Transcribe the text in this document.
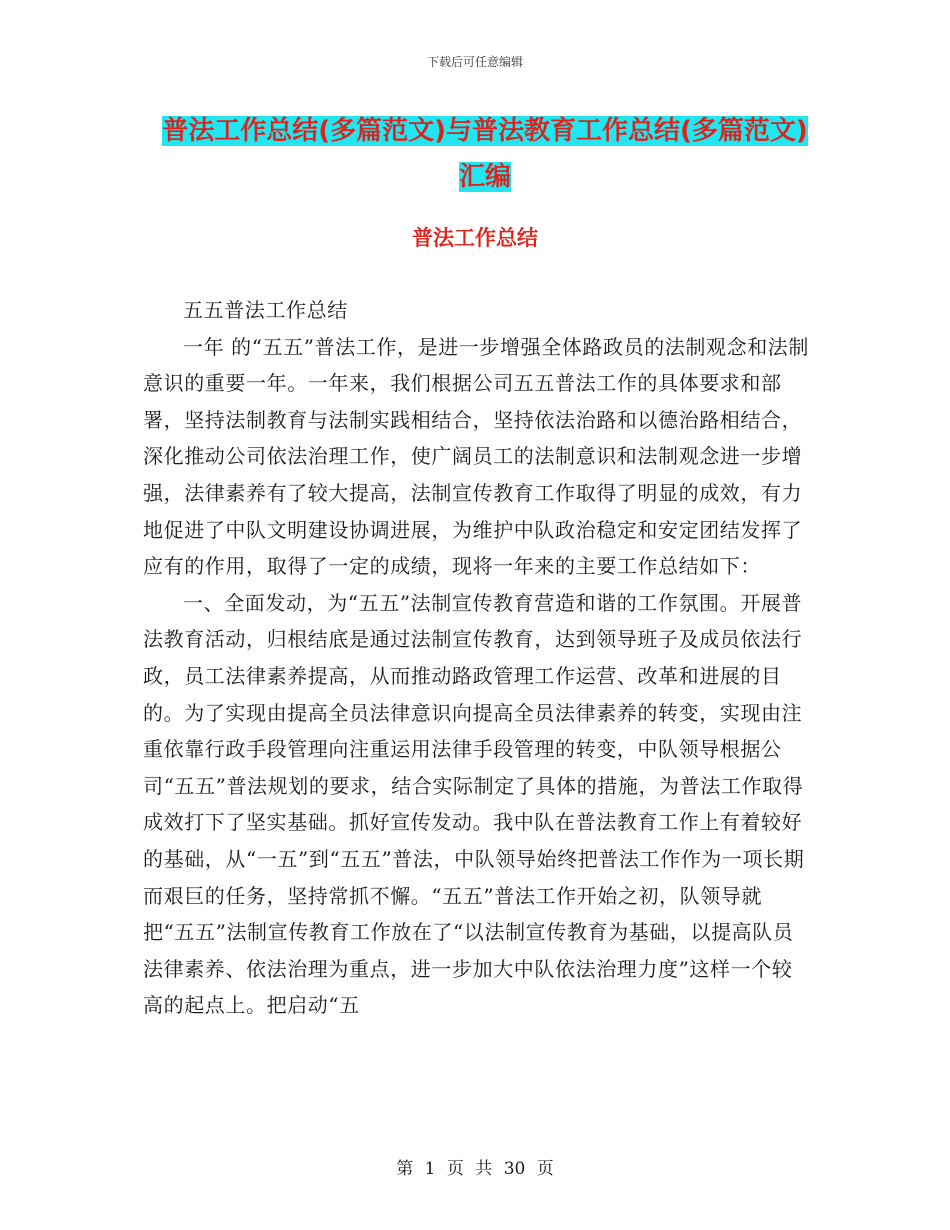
下载后可任意编辑
普法工作总结(多篇范文)与普法教育工作总结(多篇范文)汇编
普法工作总结

五五普法工作总结

一年 的“五五”普法工作，是进一步增强全体路政员的法制观念和法制意识的重要一年。一年来，我们根据公司五五普法工作的具体要求和部署，坚持法制教育与法制实践相结合，坚持依法治路和以德治路相结合，深化推动公司依法治理工作，使广阔员工的法制意识和法制观念进一步增强，法律素养有了较大提高，法制宣传教育工作取得了明显的成效，有力地促进了中队文明建设协调进展，为维护中队政治稳定和安定团结发挥了应有的作用，取得了一定的成绩，现将一年来的主要工作总结如下：

一、全面发动，为“五五”法制宣传教育营造和谐的工作氛围。开展普法教育活动，归根结底是通过法制宣传教育，达到领导班子及成员依法行政，员工法律素养提高，从而推动路政管理工作运营、改革和进展的目的。为了实现由提高全员法律意识向提高全员法律素养的转变，实现由注重依靠行政手段管理向注重运用法律手段管理的转变，中队领导根据公司“五五”普法规划的要求，结合实际制定了具体的措施，为普法工作取得成效打下了坚实基础。抓好宣传发动。我中队在普法教育工作上有着较好的基础，从“一五”到“五五”普法，中队领导始终把普法工作作为一项长期而艰巨的任务，坚持常抓不懈。“五五”普法工作开始之初，队领导就把“五五”法制宣传教育工作放在了“以法制宣传教育为基础，以提高队员法律素养、依法治理为重点，进一步加大中队依法治理力度”这样一个较高的起点上。把启动“五

第 1 页 共 30 页
